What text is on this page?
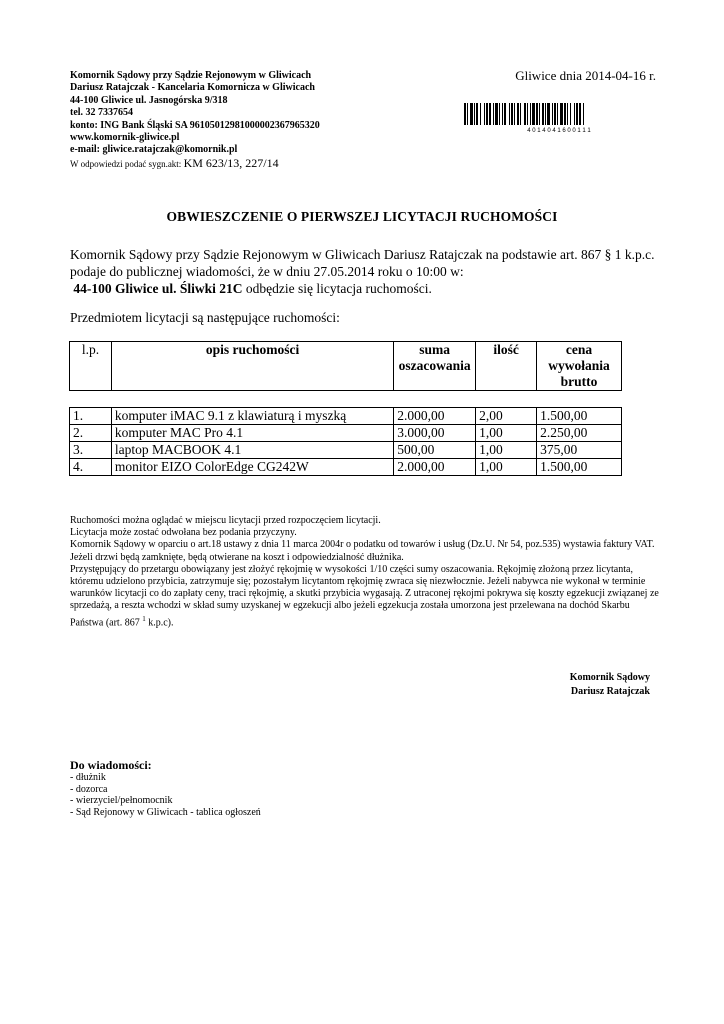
Komornik Sądowy przy Sądzie Rejonowym w Gliwicach
Dariusz Ratajczak - Kancelaria Komornicza w Gliwicach
44-100 Gliwice ul. Jasnogórska 9/318
tel. 32 7337654
konto: ING Bank Śląski SA 96105012981000002367965320
www.komornik-gliwice.pl
e-mail: gliwice.ratajczak@komornik.pl
W odpowiedzi podać sygn.akt: KM 623/13, 227/14
Gliwice dnia 2014-04-16 r.
4 0 1 4 0 4 1 6 0 0 1 1 1
OBWIESZCZENIE O PIERWSZEJ LICYTACJI RUCHOMOŚCI

Komornik Sądowy przy Sądzie Rejonowym w Gliwicach Dariusz Ratajczak na podstawie art. 867 § 1 k.p.c.

podaje do publicznej wiadomości, że w dniu 27.05.2014 roku o 10:00 w:

44-100 Gliwice ul. Śliwki 21C odbędzie się licytacja ruchomości.

Przedmiotem licytacji są następujące ruchomości:
l.p.	opis ruchomości	suma oszacowania	ilość	cena wywołania brutto
1.	komputer iMAC 9.1 z klawiaturą i myszką	2.000,00	2,00	1.500,00
2.	komputer MAC Pro 4.1	3.000,00	1,00	2.250,00
3.	laptop MACBOOK 4.1	500,00	1,00	375,00
4.	monitor EIZO ColorEdge CG242W	2.000,00	1,00	1.500,00

Ruchomości można oglądać w miejscu licytacji przed rozpoczęciem licytacji.

Licytacja może zostać odwołana bez podania przyczyny.

Komornik Sądowy w oparciu o art.18 ustawy z dnia 11 marca 2004r o podatku od towarów i usług (Dz.U. Nr 54, poz.535) wystawia faktury VAT.

Jeżeli drzwi będą zamknięte, będą otwierane na koszt i odpowiedzialność dłużnika.

Przystępujący do przetargu obowiązany jest złożyć rękojmię w wysokości 1/10 części sumy oszacowania. Rękojmię złożoną przez licytanta, któremu udzielono przybicia, zatrzymuje się; pozostałym licytantom rękojmię zwraca się niezwłocznie. Jeżeli nabywca nie wykonał w terminie warunków licytacji co do zapłaty ceny, traci rękojmię, a skutki przybicia wygasają. Z utraconej rękojmi pokrywa się koszty egzekucji związanej ze sprzedażą, a reszta wchodzi w skład sumy uzyskanej w egzekucji albo jeżeli egzekucja została umorzona jest przelewana na dochód Skarbu Państwa (art. 867 $^1$ k.p.c).

Komornik Sądowy
Dariusz Ratajczak
Do wiadomości:
- dłużnik
- dozorca
- wierzyciel/pełnomocnik
- Sąd Rejonowy w Gliwicach - tablica ogłoszeń
